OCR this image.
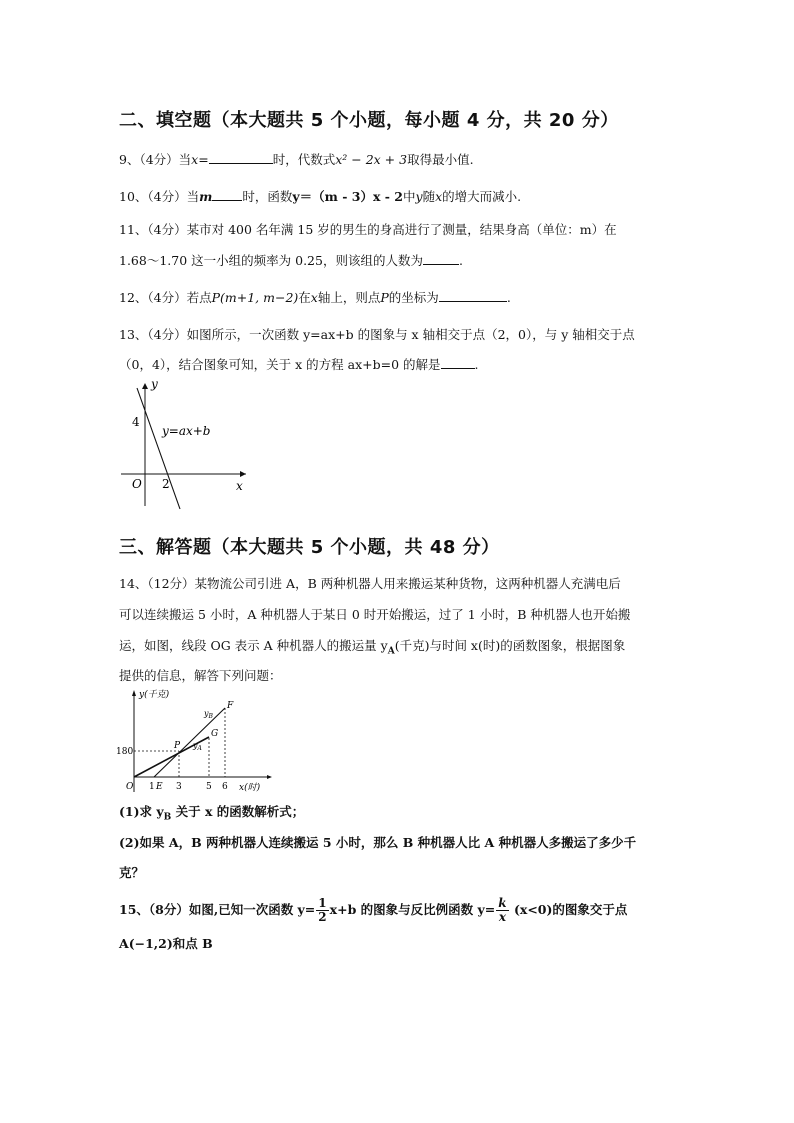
二、填空题（本大题共 5 个小题，每小题 4 分，共 20 分）
9、（4分）当x=	时，代数式x² − 2x + 3取得最小值.
10、（4分）当m 时，函数y＝（m - 3）x - 2中y随x的增大而减小.
11、（4分）某市对 400 名年满 15 岁的男生的身高进行了测量，结果身高（单位：m）在
1.68～1.70 这一小组的频率为 0.25，则该组的人数为	.
12、（4分）若点P(m+1, m−2)在x轴上，则点P的坐标为	.
13、（4分）如图所示，一次函数 y=ax+b 的图象与 x 轴相交于点（2，0），与 y 轴相交于点
（0，4），结合图象可知，关于 x 的方程 ax+b=0 的解是	.
y
x
O
4
2
y=ax+b
三、解答题（本大题共 5 个小题，共 48 分）
14、（12分）某物流公司引进 A，B 两种机器人用来搬运某种货物，这两种机器人充满电后
可以连续搬运 5 小时，A 种机器人于某日 0 时开始搬运，过了 1 小时，B 种机器人也开始搬
运，如图，线段 OG 表示 A 种机器人的搬运量 $y_A$(千克)与时间 x(时)的函数图象，根据图象
提供的信息，解答下列问题：
y(千克)
x(时)
O
180
1 E 3	5 6
P
F
G
$y_B$
$y_A$
(1)求 $y_B$ 关于 x 的函数解析式；
(2)如果 A，B 两种机器人连续搬运 5 小时，那么 B 种机器人比 A 种机器人多搬运了多少千
克？
15、（8分）如图,已知一次函数 $y= \frac{1}{2} x+b$ 的图象与反比例函数 $y= \frac{k}{x} (x<0)$的图象交于点
A(−1,2)和点 B
